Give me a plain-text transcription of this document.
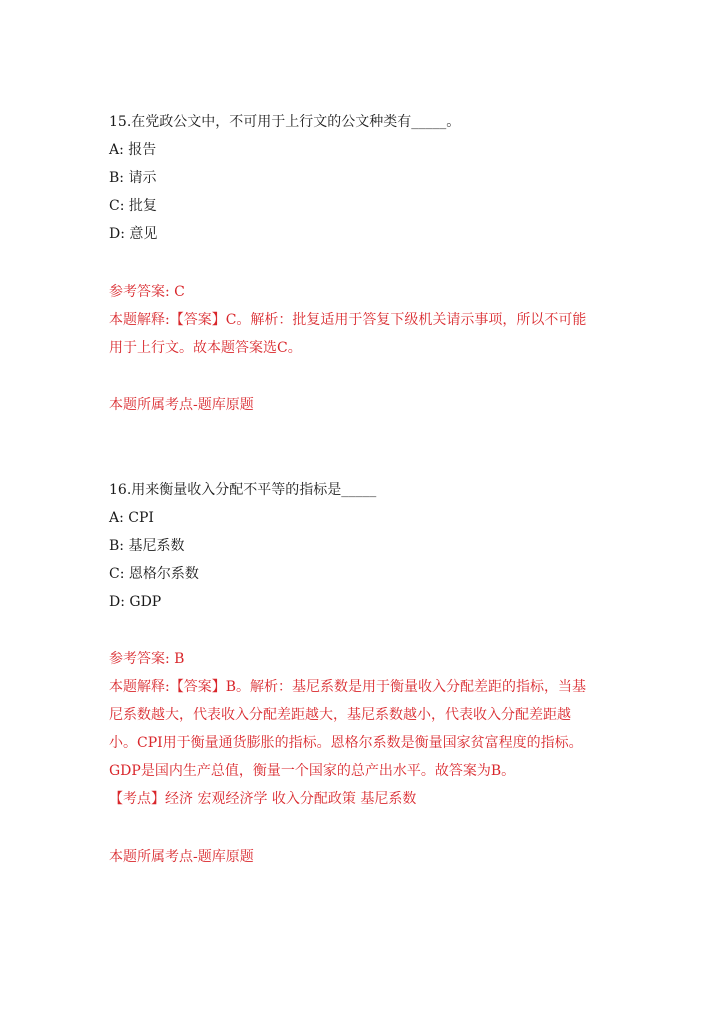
15.在党政公文中，不可用于上行文的公文种类有_____。
A: 报告
B: 请示
C: 批复
D: 意见
参考答案: C
本题解释:【答案】C。解析：批复适用于答复下级机关请示事项，所以不可能
用于上行文。故本题答案选C。
本题所属考点-题库原题
16.用来衡量收入分配不平等的指标是_____
A: CPI
B: 基尼系数
C: 恩格尔系数
D: GDP
参考答案: B
本题解释:【答案】B。解析：基尼系数是用于衡量收入分配差距的指标，当基
尼系数越大，代表收入分配差距越大，基尼系数越小，代表收入分配差距越
小。CPI用于衡量通货膨胀的指标。恩格尔系数是衡量国家贫富程度的指标。
GDP是国内生产总值，衡量一个国家的总产出水平。故答案为B。
【考点】经济 宏观经济学 收入分配政策 基尼系数
本题所属考点-题库原题
